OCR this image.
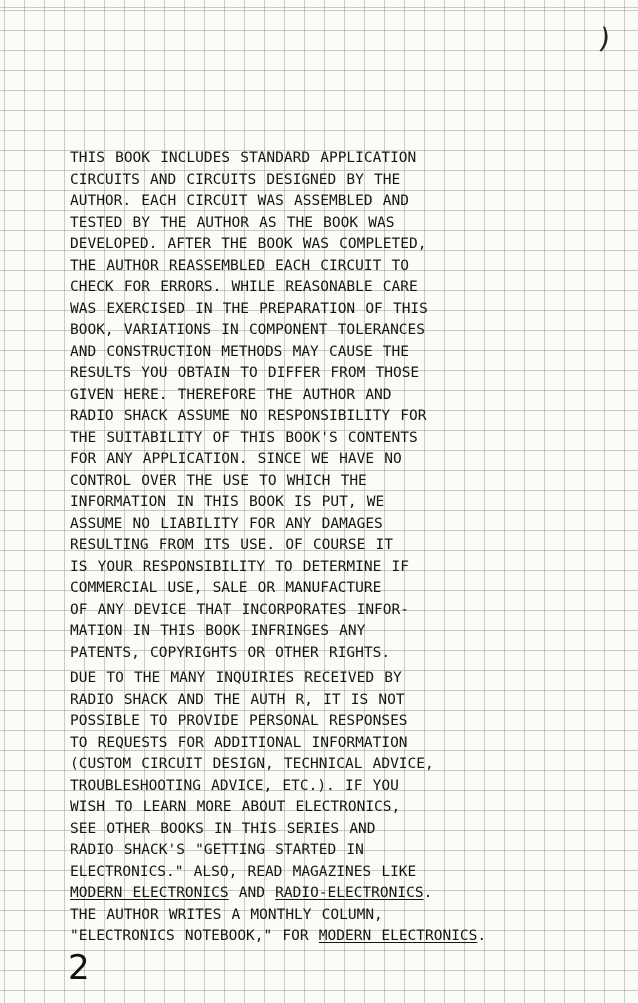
)
THIS BOOK INCLUDES STANDARD APPLICATION
CIRCUITS AND CIRCUITS DESIGNED BY THE
AUTHOR. EACH CIRCUIT WAS ASSEMBLED AND
TESTED BY THE AUTHOR AS THE BOOK WAS
DEVELOPED. AFTER THE BOOK WAS COMPLETED,
THE AUTHOR REASSEMBLED EACH CIRCUIT TO
CHECK FOR ERRORS. WHILE REASONABLE CARE
WAS EXERCISED IN THE PREPARATION OF THIS
BOOK, VARIATIONS IN COMPONENT TOLERANCES
AND CONSTRUCTION METHODS MAY CAUSE THE
RESULTS YOU OBTAIN TO DIFFER FROM THOSE
GIVEN HERE. THEREFORE THE AUTHOR AND
RADIO SHACK ASSUME NO RESPONSIBILITY FOR
THE SUITABILITY OF THIS BOOK'S CONTENTS
FOR ANY APPLICATION. SINCE WE HAVE NO
CONTROL OVER THE USE TO WHICH THE
INFORMATION IN THIS BOOK IS PUT, WE
ASSUME NO LIABILITY FOR ANY DAMAGES
RESULTING FROM ITS USE. OF COURSE IT
IS YOUR RESPONSIBILITY TO DETERMINE IF
COMMERCIAL USE, SALE OR MANUFACTURE
OF ANY DEVICE THAT INCORPORATES INFOR-
MATION IN THIS BOOK INFRINGES ANY
PATENTS, COPYRIGHTS OR OTHER RIGHTS.
DUE TO THE MANY INQUIRIES RECEIVED BY
RADIO SHACK AND THE AUTH R, IT IS NOT
POSSIBLE TO PROVIDE PERSONAL RESPONSES
TO REQUESTS FOR ADDITIONAL INFORMATION
(CUSTOM CIRCUIT DESIGN, TECHNICAL ADVICE,
TROUBLESHOOTING ADVICE, ETC.). IF YOU
WISH TO LEARN MORE ABOUT ELECTRONICS,
SEE OTHER BOOKS IN THIS SERIES AND
RADIO SHACK'S "GETTING STARTED IN
ELECTRONICS." ALSO, READ MAGAZINES LIKE
MODERN ELECTRONICS AND RADIO-ELECTRONICS.
THE AUTHOR WRITES A MONTHLY COLUMN,
"ELECTRONICS NOTEBOOK," FOR MODERN ELECTRONICS.
2
